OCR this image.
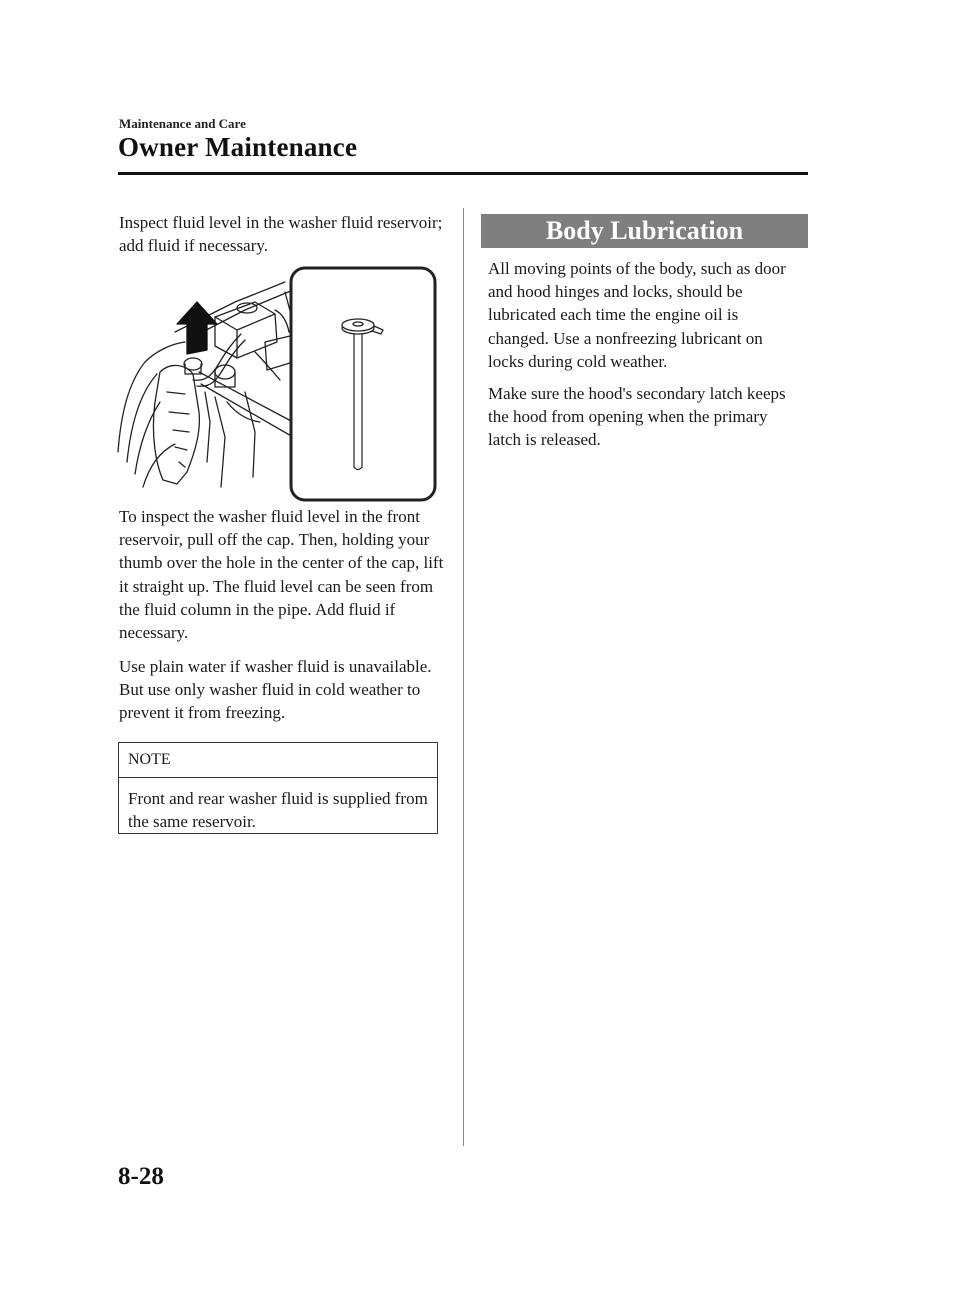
Maintenance and Care
Owner Maintenance

Inspect fluid level in the washer fluid reservoir; add fluid if necessary.

To inspect the washer fluid level in the front reservoir, pull off the cap. Then, holding your thumb over the hole in the center of the cap, lift it straight up. The fluid level can be seen from the fluid column in the pipe. Add fluid if necessary.

Use plain water if washer fluid is unavailable. But use only washer fluid in cold weather to prevent it from freezing.

NOTE
Front and rear washer fluid is supplied from the same reservoir.
Body Lubrication

All moving points of the body, such as door and hood hinges and locks, should be lubricated each time the engine oil is changed. Use a nonfreezing lubricant on locks during cold weather.

Make sure the hood's secondary latch keeps the hood from opening when the primary latch is released.

8-28
